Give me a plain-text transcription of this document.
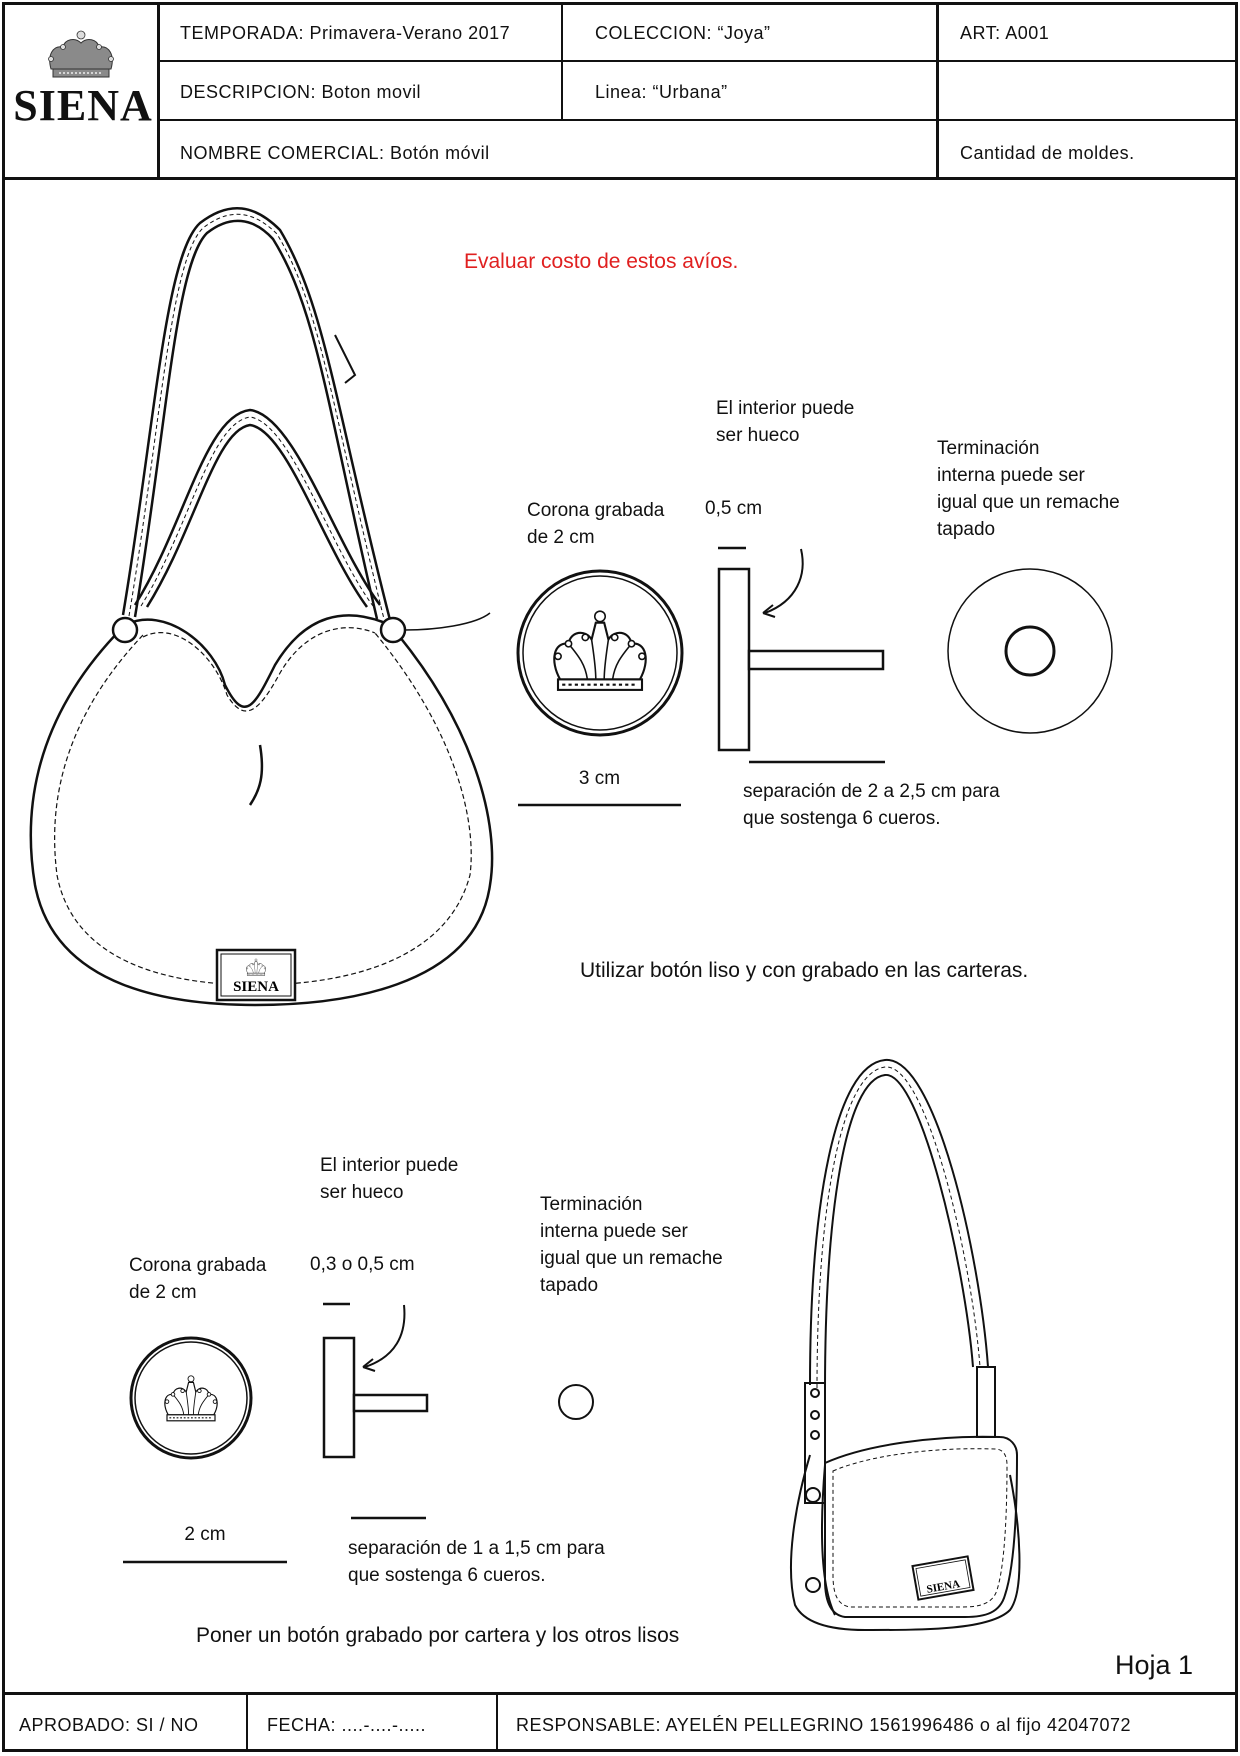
SIENA
TEMPORADA: Primavera-Verano 2017	COLECCION: “Joya”	ART: A001
DESCRIPCION: Boton movil	Linea: “Urbana”
NOMBRE COMERCIAL: Botón móvil	Cantidad de moldes.
SIENA
SIENA
Evaluar costo de estos avíos.
El interior puede
ser hueco
Terminación
interna puede ser
igual que un remache
tapado
Corona grabada
de 2 cm
0,5 cm
3 cm
separación de 2 a 2,5 cm para
que sostenga 6 cueros.
Utilizar botón liso y con grabado en las carteras.
El interior puede
ser hueco
Terminación
interna puede ser
igual que un remache
tapado
Corona grabada
de 2 cm
0,3 o 0,5 cm
2 cm
separación de 1 a 1,5 cm para
que sostenga 6 cueros.
Poner un botón grabado por cartera y los otros lisos
Hoja 1
APROBADO: SI / NO	FECHA: ....-....-.....	RESPONSABLE: AYELÉN PELLEGRINO 1561996486 o al fijo 42047072
